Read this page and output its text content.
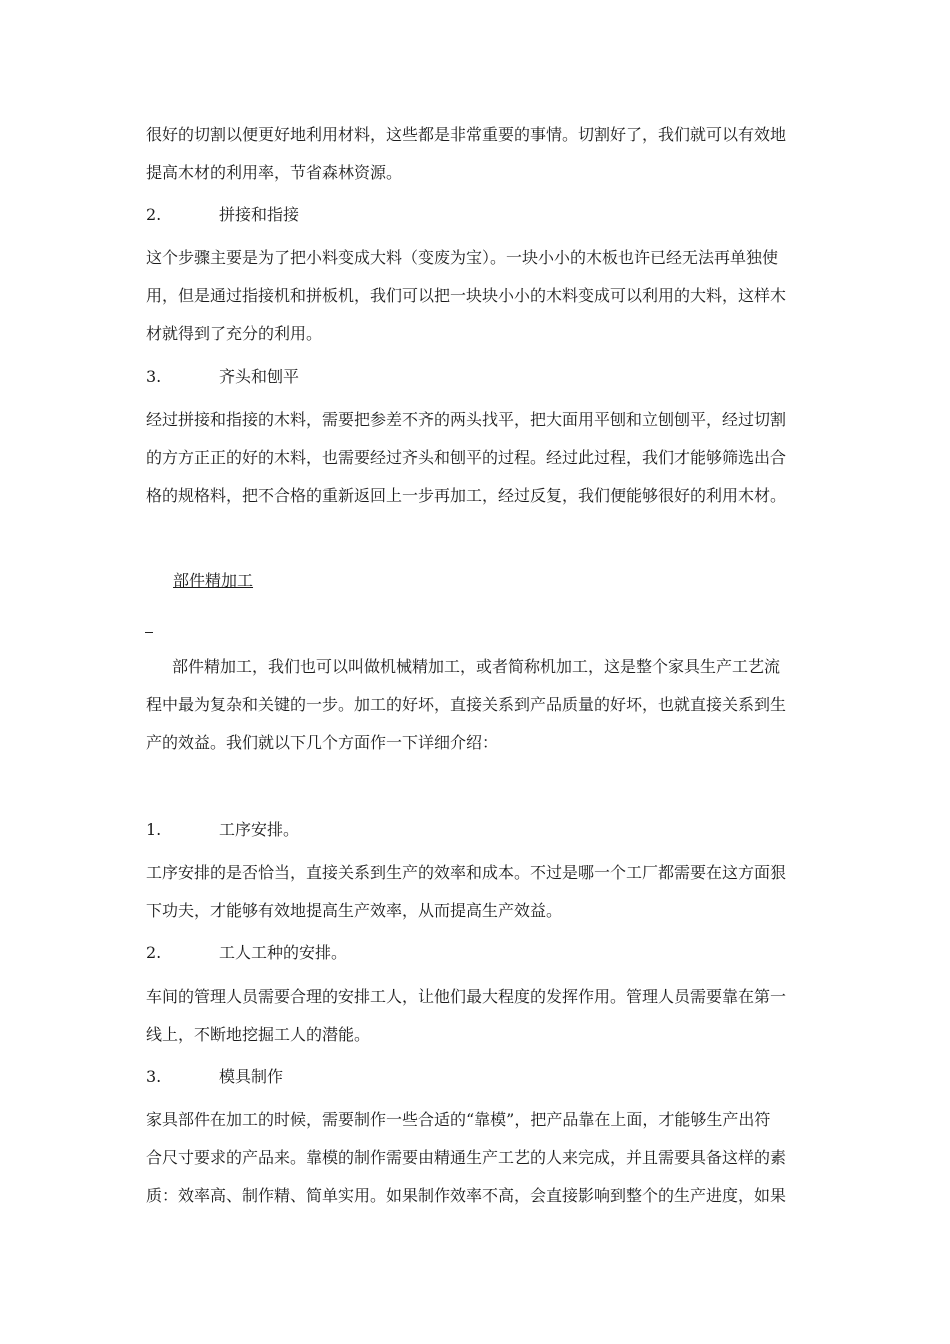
很好的切割以便更好地利用材料，这些都是非常重要的事情。切割好了，我们就可以有效地

提高木材的利用率，节省森林资源。

2.	拼接和指接

这个步骤主要是为了把小料变成大料（变废为宝）。一块小小的木板也许已经无法再单独使

用，但是通过指接机和拼板机，我们可以把一块块小小的木料变成可以利用的大料，这样木

材就得到了充分的利用。

3.	齐头和刨平

经过拼接和指接的木料，需要把参差不齐的两头找平，把大面用平刨和立刨刨平，经过切割

的方方正正的好的木料，也需要经过齐头和刨平的过程。经过此过程，我们才能够筛选出合

格的规格料，把不合格的重新返回上一步再加工，经过反复，我们便能够很好的利用木材。

部件精加工

部件精加工，我们也可以叫做机械精加工，或者简称机加工，这是整个家具生产工艺流

程中最为复杂和关键的一步。加工的好坏，直接关系到产品质量的好坏，也就直接关系到生

产的效益。我们就以下几个方面作一下详细介绍：

1.	工序安排。

工序安排的是否恰当，直接关系到生产的效率和成本。不过是哪一个工厂都需要在这方面狠

下功夫，才能够有效地提高生产效率，从而提高生产效益。

2.	工人工种的安排。

车间的管理人员需要合理的安排工人，让他们最大程度的发挥作用。管理人员需要靠在第一

线上，不断地挖掘工人的潜能。

3.	模具制作

家具部件在加工的时候，需要制作一些合适的“靠模”，把产品靠在上面，才能够生产出符

合尺寸要求的产品来。靠模的制作需要由精通生产工艺的人来完成，并且需要具备这样的素

质：效率高、制作精、简单实用。如果制作效率不高，会直接影响到整个的生产进度，如果
